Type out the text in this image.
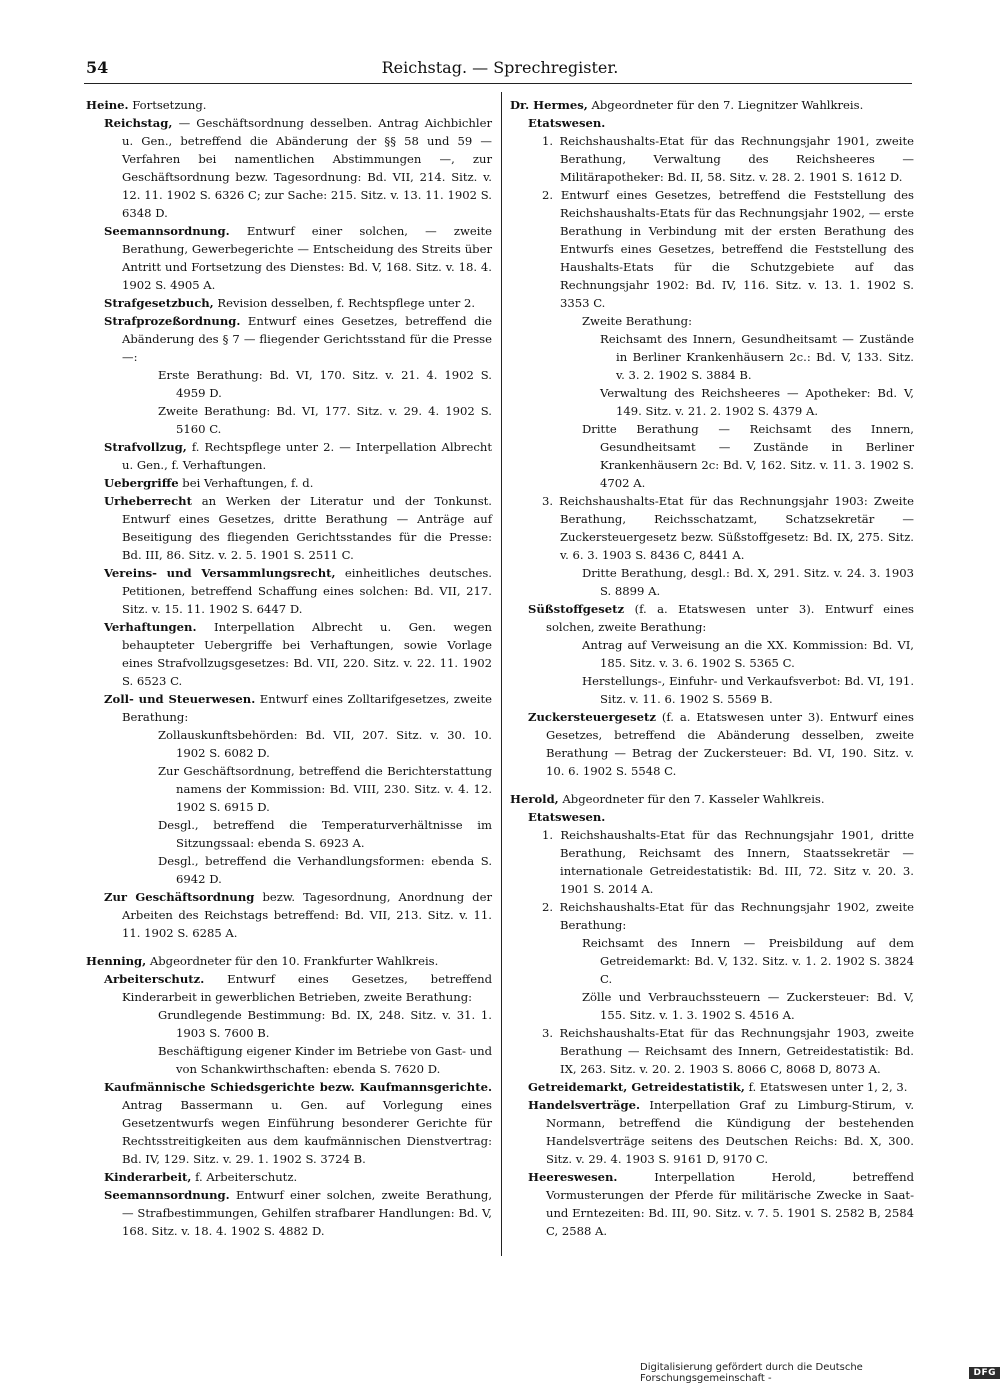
54	Reichstag. — Sprechregister.

Heine. Fortsetzung.

Reichstag, — Geschäftsordnung desselben. Antrag Aichbichler u. Gen., betreffend die Abänderung der §§ 58 und 59 — Verfahren bei namentlichen Abstimmungen —, zur Geschäftsordnung bezw. Tagesordnung: Bd. VII, 214. Sitz. v. 12. 11. 1902 S. 6326 C; zur Sache: 215. Sitz. v. 13. 11. 1902 S. 6348 D.

Seemannsordnung. Entwurf einer solchen, — zweite Berathung, Gewerbegerichte — Entscheidung des Streits über Antritt und Fortsetzung des Dienstes: Bd. V, 168. Sitz. v. 18. 4. 1902 S. 4905 A.

Strafgesetzbuch, Revision desselben, f. Rechtspflege unter 2.

Strafprozeßordnung. Entwurf eines Gesetzes, betreffend die Abänderung des § 7 — fliegender Gerichtsstand für die Presse —:

Erste Berathung: Bd. VI, 170. Sitz. v. 21. 4. 1902 S. 4959 D.

Zweite Berathung: Bd. VI, 177. Sitz. v. 29. 4. 1902 S. 5160 C.

Strafvollzug, f. Rechtspflege unter 2. — Interpellation Albrecht u. Gen., f. Verhaftungen.

Uebergriffe bei Verhaftungen, f. d.

Urheberrecht an Werken der Literatur und der Tonkunst. Entwurf eines Gesetzes, dritte Berathung — Anträge auf Beseitigung des fliegenden Gerichtsstandes für die Presse: Bd. III, 86. Sitz. v. 2. 5. 1901 S. 2511 C.

Vereins- und Versammlungsrecht, einheitliches deutsches. Petitionen, betreffend Schaffung eines solchen: Bd. VII, 217. Sitz. v. 15. 11. 1902 S. 6447 D.

Verhaftungen. Interpellation Albrecht u. Gen. wegen behaupteter Uebergriffe bei Verhaftungen, sowie Vorlage eines Strafvollzugsgesetzes: Bd. VII, 220. Sitz. v. 22. 11. 1902 S. 6523 C.

Zoll- und Steuerwesen. Entwurf eines Zolltarifgesetzes, zweite Berathung:

Zollauskunftsbehörden: Bd. VII, 207. Sitz. v. 30. 10. 1902 S. 6082 D.

Zur Geschäftsordnung, betreffend die Berichterstattung namens der Kommission: Bd. VIII, 230. Sitz. v. 4. 12. 1902 S. 6915 D.

Desgl., betreffend die Temperaturverhältnisse im Sitzungssaal: ebenda S. 6923 A.

Desgl., betreffend die Verhandlungsformen: ebenda S. 6942 D.

Zur Geschäftsordnung bezw. Tagesordnung, Anordnung der Arbeiten des Reichstags betreffend: Bd. VII, 213. Sitz. v. 11. 11. 1902 S. 6285 A.

Henning, Abgeordneter für den 10. Frankfurter Wahlkreis.

Arbeiterschutz. Entwurf eines Gesetzes, betreffend Kinderarbeit in gewerblichen Betrieben, zweite Berathung:

Grundlegende Bestimmung: Bd. IX, 248. Sitz. v. 31. 1. 1903 S. 7600 B.

Beschäftigung eigener Kinder im Betriebe von Gast- und von Schankwirthschaften: ebenda S. 7620 D.

Kaufmännische Schiedsgerichte bezw. Kaufmannsgerichte. Antrag Bassermann u. Gen. auf Vorlegung eines Gesetzentwurfs wegen Einführung besonderer Gerichte für Rechtsstreitigkeiten aus dem kaufmännischen Dienstvertrag: Bd. IV, 129. Sitz. v. 29. 1. 1902 S. 3724 B.

Kinderarbeit, f. Arbeiterschutz.

Seemannsordnung. Entwurf einer solchen, zweite Berathung, — Strafbestimmungen, Gehilfen strafbarer Handlungen: Bd. V, 168. Sitz. v. 18. 4. 1902 S. 4882 D.

Dr. Hermes, Abgeordneter für den 7. Liegnitzer Wahlkreis.

Etatswesen.

1. Reichshaushalts-Etat für das Rechnungsjahr 1901, zweite Berathung, Verwaltung des Reichsheeres — Militärapotheker: Bd. II, 58. Sitz. v. 28. 2. 1901 S. 1612 D.

2. Entwurf eines Gesetzes, betreffend die Feststellung des Reichshaushalts-Etats für das Rechnungsjahr 1902, — erste Berathung in Verbindung mit der ersten Berathung des Entwurfs eines Gesetzes, betreffend die Feststellung des Haushalts-Etats für die Schutzgebiete auf das Rechnungsjahr 1902: Bd. IV, 116. Sitz. v. 13. 1. 1902 S. 3353 C.

Zweite Berathung:

Reichsamt des Innern, Gesundheitsamt — Zustände in Berliner Krankenhäusern 2c.: Bd. V, 133. Sitz. v. 3. 2. 1902 S. 3884 B.

Verwaltung des Reichsheeres — Apotheker: Bd. V, 149. Sitz. v. 21. 2. 1902 S. 4379 A.

Dritte Berathung — Reichsamt des Innern, Gesundheitsamt — Zustände in Berliner Krankenhäusern 2c: Bd. V, 162. Sitz. v. 11. 3. 1902 S. 4702 A.

3. Reichshaushalts-Etat für das Rechnungsjahr 1903: Zweite Berathung, Reichsschatzamt, Schatzsekretär — Zuckersteuergesetz bezw. Süßstoffgesetz: Bd. IX, 275. Sitz. v. 6. 3. 1903 S. 8436 C, 8441 A.

Dritte Berathung, desgl.: Bd. X, 291. Sitz. v. 24. 3. 1903 S. 8899 A.

Süßstoffgesetz (f. a. Etatswesen unter 3). Entwurf eines solchen, zweite Berathung:

Antrag auf Verweisung an die XX. Kommission: Bd. VI, 185. Sitz. v. 3. 6. 1902 S. 5365 C.

Herstellungs-, Einfuhr- und Verkaufsverbot: Bd. VI, 191. Sitz. v. 11. 6. 1902 S. 5569 B.

Zuckersteuergesetz (f. a. Etatswesen unter 3). Entwurf eines Gesetzes, betreffend die Abänderung desselben, zweite Berathung — Betrag der Zuckersteuer: Bd. VI, 190. Sitz. v. 10. 6. 1902 S. 5548 C.

Herold, Abgeordneter für den 7. Kasseler Wahlkreis.

Etatswesen.

1. Reichshaushalts-Etat für das Rechnungsjahr 1901, dritte Berathung, Reichsamt des Innern, Staatssekretär — internationale Getreidestatistik: Bd. III, 72. Sitz v. 20. 3. 1901 S. 2014 A.

2. Reichshaushalts-Etat für das Rechnungsjahr 1902, zweite Berathung:

Reichsamt des Innern — Preisbildung auf dem Getreidemarkt: Bd. V, 132. Sitz. v. 1. 2. 1902 S. 3824 C.

Zölle und Verbrauchssteuern — Zuckersteuer: Bd. V, 155. Sitz. v. 1. 3. 1902 S. 4516 A.

3. Reichshaushalts-Etat für das Rechnungsjahr 1903, zweite Berathung — Reichsamt des Innern, Getreidestatistik: Bd. IX, 263. Sitz. v. 20. 2. 1903 S. 8066 C, 8068 D, 8073 A.

Getreidemarkt, Getreidestatistik, f. Etatswesen unter 1, 2, 3.

Handelsverträge. Interpellation Graf zu Limburg-Stirum, v. Normann, betreffend die Kündigung der bestehenden Handelsverträge seitens des Deutschen Reichs: Bd. X, 300. Sitz. v. 29. 4. 1903 S. 9161 D, 9170 C.

Heereswesen.	Interpellation Herold, betreffend Vormusterungen der Pferde für militärische Zwecke in Saat- und Erntezeiten: Bd. III, 90. Sitz. v. 7. 5. 1901 S. 2582 B, 2584 C, 2588 A.

Digitalisierung gefördert durch die Deutsche Forschungsgemeinschaft -	DFG
